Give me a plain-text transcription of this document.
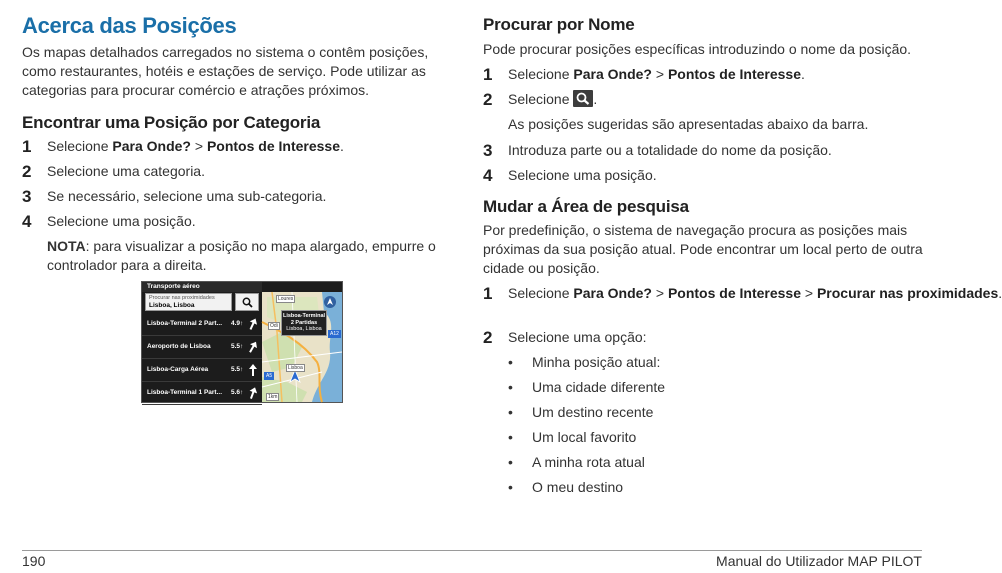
Acerca das Posições

Os mapas detalhados carregados no sistema o contêm posições, como restaurantes, hotéis e estações de serviço. Pode utilizar as categorias para procurar comércio e atrações próximos.

Encontrar uma Posição por Categoria
1 Selecione Para Onde? > Pontos de Interesse.
2 Selecione uma categoria.
3 Se necessário, selecione uma sub-categoria.
4 Selecione uma posição.
NOTA: para visualizar a posição no mapa alargado, empurre o controlador para a direita.
Transporte aéreo
Procurar nas proximidades
Lisboa, Lisboa
Lisboa-Terminal 2 Part... 4.9↑
Aeroporto de Lisboa	5.5↑
Lisboa-Carga Aérea	5.5↑
Lisboa-Terminal 1 Part... 5.6↑
Loures
Odi
A12
A5
Lisboa
1km
Lisboa-Terminal 2 Partidas
Lisboa, Lisboa
Procurar por Nome

Pode procurar posições específicas introduzindo o nome da posição.

1 Selecione Para Onde? > Pontos de Interesse.
2 Selecione
.

As posições sugeridas são apresentadas abaixo da barra.

3 Introduza parte ou a totalidade do nome da posição.
4 Selecione uma posição.
Mudar a Área de pesquisa

Por predefinição, o sistema de navegação procura as posições mais próximas da sua posição atual. Pode encontrar um local perto de outra cidade ou posição.

1 Selecione Para Onde? > Pontos de Interesse > Procurar nas proximidades.
2 Selecione uma opção:
• Minha posição atual:
• Uma cidade diferente
• Um destino recente
• Um local favorito
• A minha rota atual
• O meu destino
190	Manual do Utilizador MAP PILOT
